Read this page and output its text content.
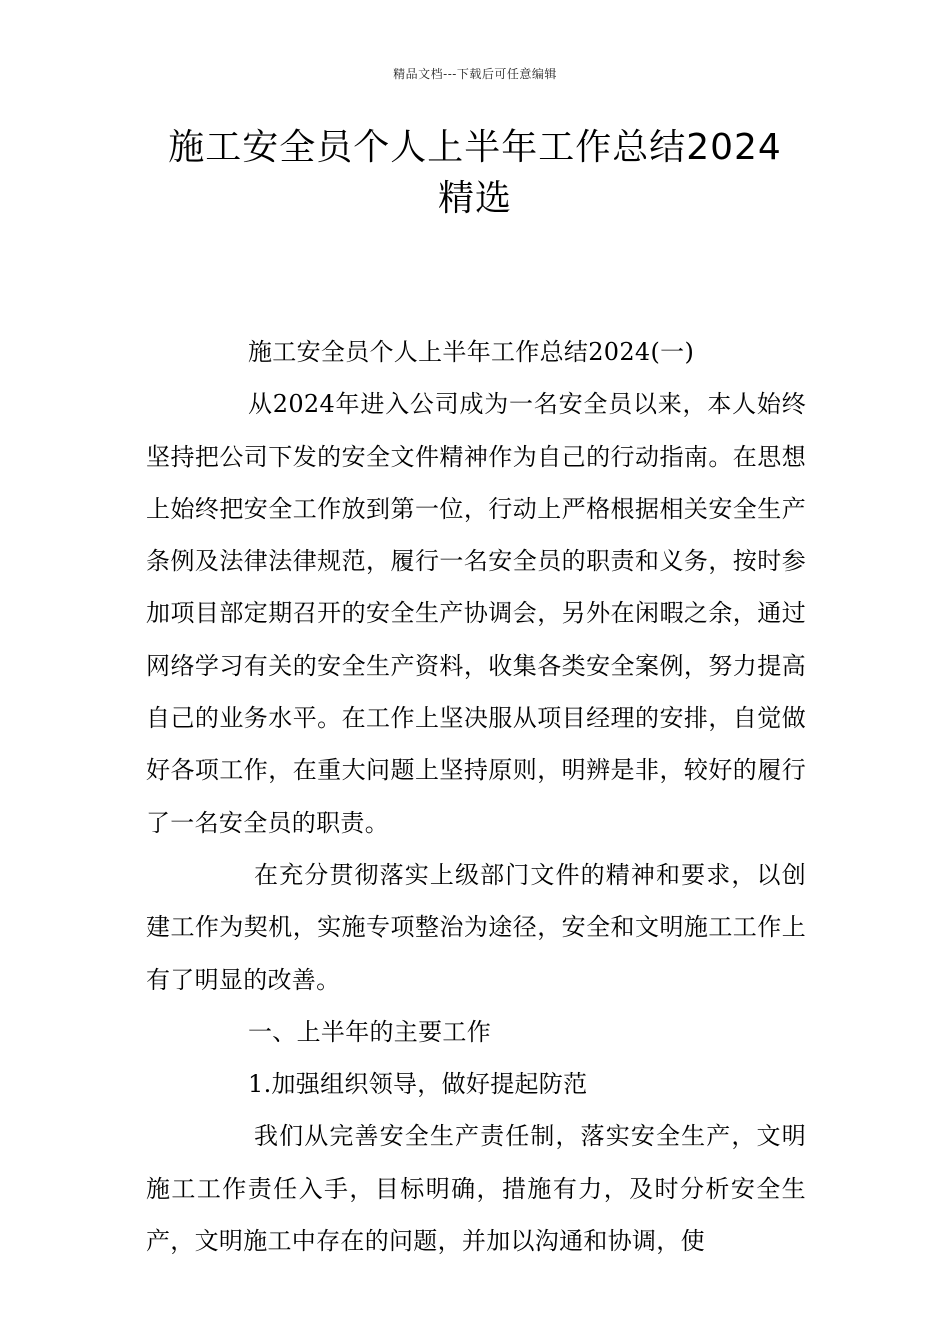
精品文档---下载后可任意编辑
施工安全员个人上半年工作总结2024精选

施工安全员个人上半年工作总结2024(一)

从2024年进入公司成为一名安全员以来，本人始终坚持把公司下发的安全文件精神作为自己的行动指南。在思想上始终把安全工作放到第一位，行动上严格根据相关安全生产条例及法律法律规范，履行一名安全员的职责和义务，按时参加项目部定期召开的安全生产协调会，另外在闲暇之余，通过网络学习有关的安全生产资料，收集各类安全案例，努力提高自己的业务水平。在工作上坚决服从项目经理的安排，自觉做好各项工作，在重大问题上坚持原则，明辨是非，较好的履行了一名安全员的职责。

在充分贯彻落实上级部门文件的精神和要求，以创建工作为契机，实施专项整治为途径，安全和文明施工工作上有了明显的改善。

一、上半年的主要工作

1.加强组织领导，做好提起防范

我们从完善安全生产责任制，落实安全生产，文明施工工作责任入手，目标明确，措施有力，及时分析安全生产，文明施工中存在的问题，并加以沟通和协调，使
